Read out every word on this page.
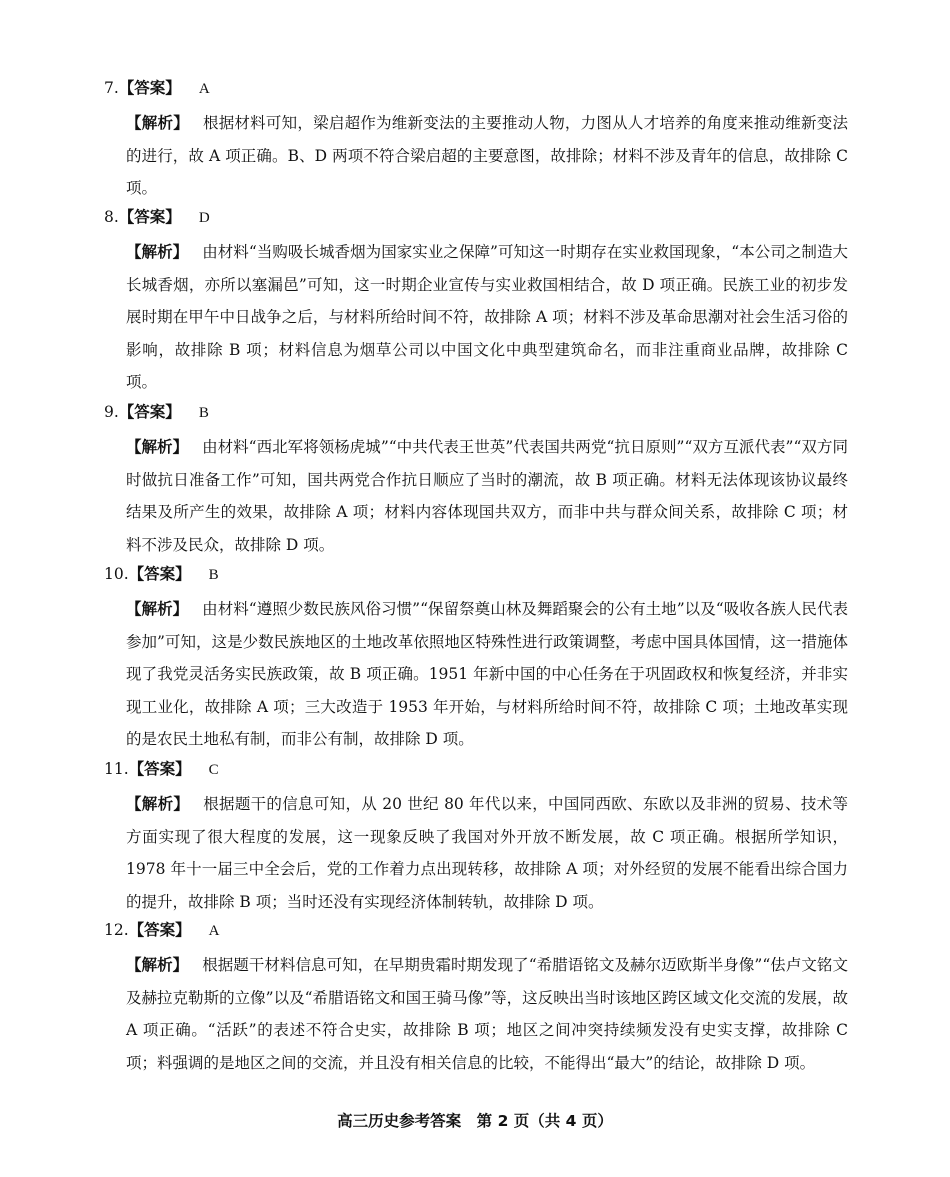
7.【答案】 A
【解析】 根据材料可知，梁启超作为维新变法的主要推动人物，力图从人才培养的角度来推动维新变法的进行，故 A 项正确。B、D 两项不符合梁启超的主要意图，故排除；材料不涉及青年的信息，故排除 C 项。
8.【答案】 D
【解析】 由材料“当购吸长城香烟为国家实业之保障”可知这一时期存在实业救国现象，“本公司之制造大长城香烟，亦所以塞漏邑”可知，这一时期企业宣传与实业救国相结合，故 D 项正确。民族工业的初步发展时期在甲午中日战争之后，与材料所给时间不符，故排除 A 项；材料不涉及革命思潮对社会生活习俗的影响，故排除 B 项；材料信息为烟草公司以中国文化中典型建筑命名，而非注重商业品牌，故排除 C 项。
9.【答案】 B
【解析】 由材料“西北军将领杨虎城”“中共代表王世英”代表国共两党“抗日原则”“双方互派代表”“双方同时做抗日准备工作”可知，国共两党合作抗日顺应了当时的潮流，故 B 项正确。材料无法体现该协议最终结果及所产生的效果，故排除 A 项；材料内容体现国共双方，而非中共与群众间关系，故排除 C 项；材料不涉及民众，故排除 D 项。
10.【答案】 B
【解析】 由材料“遵照少数民族风俗习惯”“保留祭奠山林及舞蹈聚会的公有土地”以及“吸收各族人民代表参加”可知，这是少数民族地区的土地改革依照地区特殊性进行政策调整，考虑中国具体国情，这一措施体现了我党灵活务实民族政策，故 B 项正确。1951 年新中国的中心任务在于巩固政权和恢复经济，并非实现工业化，故排除 A 项；三大改造于 1953 年开始，与材料所给时间不符，故排除 C 项；土地改革实现的是农民土地私有制，而非公有制，故排除 D 项。
11.【答案】 C
【解析】 根据题干的信息可知，从 20 世纪 80 年代以来，中国同西欧、东欧以及非洲的贸易、技术等方面实现了很大程度的发展，这一现象反映了我国对外开放不断发展，故 C 项正确。根据所学知识，1978 年十一届三中全会后，党的工作着力点出现转移，故排除 A 项；对外经贸的发展不能看出综合国力的提升，故排除 B 项；当时还没有实现经济体制转轨，故排除 D 项。
12.【答案】 A
【解析】 根据题干材料信息可知，在早期贵霜时期发现了“希腊语铭文及赫尔迈欧斯半身像”“佉卢文铭文及赫拉克勒斯的立像”以及“希腊语铭文和国王骑马像”等，这反映出当时该地区跨区域文化交流的发展，故 A 项正确。“活跃”的表述不符合史实，故排除 B 项；地区之间冲突持续频发没有史实支撑，故排除 C 项；料强调的是地区之间的交流，并且没有相关信息的比较，不能得出“最大”的结论，故排除 D 项。
高三历史参考答案　第 2 页（共 4 页）
